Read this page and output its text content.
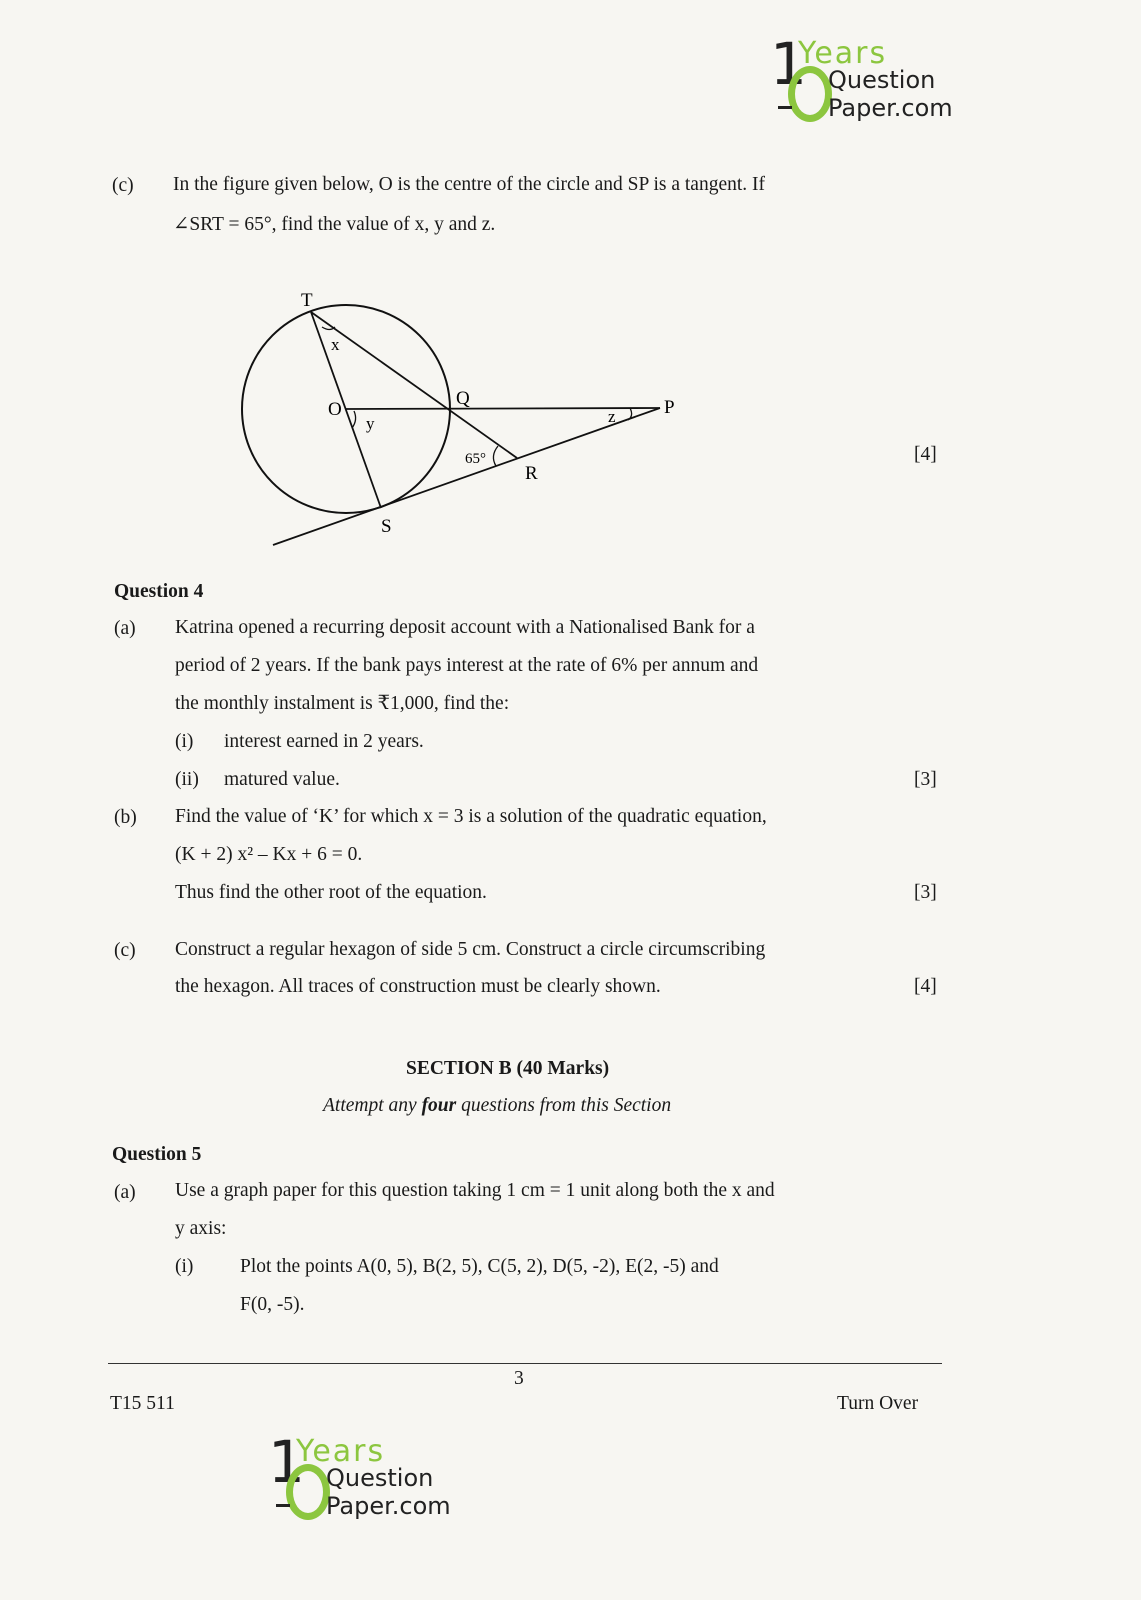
1
Years
Question
Paper.com
(c) In the figure given below, O is the centre of the circle and SP is a tangent. If
∠SRT = 65°, find the value of x, y and z.
[4]
T
x
O
y
Q	P
z
65°
R
S
Question 4
(a) Katrina opened a recurring deposit account with a Nationalised Bank for a
period of 2 years. If the bank pays interest at the rate of 6% per annum and
the monthly instalment is ₹1,000, find the:
(i) interest earned in 2 years.
(ii) matured value.	[3]
(b) Find the value of ‘K’ for which x = 3 is a solution of the quadratic equation,
(K + 2) x² – Kx + 6 = 0.
Thus find the other root of the equation.	[3]
(c) Construct a regular hexagon of side 5 cm. Construct a circle circumscribing
the hexagon. All traces of construction must be clearly shown.	[4]
SECTION B (40 Marks)
Attempt any four questions from this Section
Question 5
(a) Use a graph paper for this question taking 1 cm = 1 unit along both the x and
y axis:
(i) Plot the points A(0, 5), B(2, 5), C(5, 2), D(5, -2), E(2, -5) and
F(0, -5).
3
T15 511	Turn Over
1
Years
Question
Paper.com
